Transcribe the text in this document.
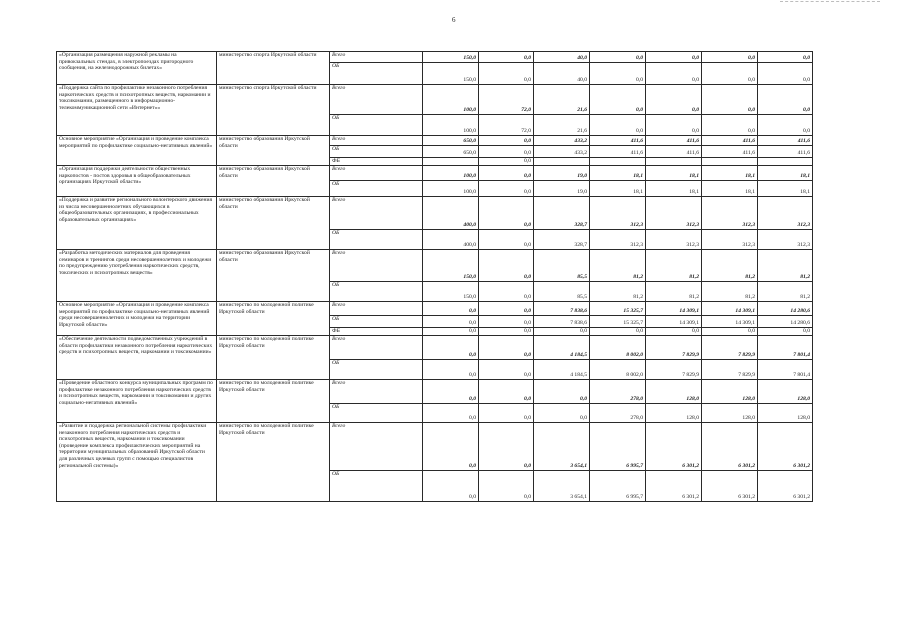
6
«Организация размещения наружной рекламы на привокзальных стендах, в электропоездах пригородного сообщения, на железнодорожных билетах»	министерство спорта Иркутской области	Всего	150,0	0,0	40,0	0,0	0,0	0,0	0,0
		ОБ	150,0	0,0	40,0	0,0	0,0	0,0	0,0
«Поддержка сайта по профилактике незаконного потребления наркотических средств и психотропных веществ, наркомании и токсикомании, размещенного в информационно-телекоммуникационной сети «Интернет»»	министерство спорта Иркутской области	Всего	100,0	72,0	21,6	0,0	0,0	0,0	0,0
		ОБ	100,0	72,0	21,6	0,0	0,0	0,0	0,0
Основное мероприятие «Организация и проведение комплекса мероприятий по профилактике социально-негативных явлений»	министерство образования Иркутской области	Всего	650,0	0,0	433,2	411,6	411,6	411,6	411,6
		ОБ	650,0	0,0	433,2	411,6	411,6	411,6	411,6
		ФБ		0,0					
«Организация поддержки деятельности общественных наркопостов - постов здоровья в общеобразовательных организациях Иркутской области»	министерство образования Иркутской области	Всего	100,0	0,0	19,0	18,1	18,1	18,1	18,1
		ОБ	100,0	0,0	19,0	18,1	18,1	18,1	18,1
«Поддержка и развитие регионального волонтерского движения из числа несовершеннолетних обучающихся в общеобразовательных организациях, в профессиональных образовательных организациях»	министерство образования Иркутской области	Всего	400,0	0,0	328,7	312,3	312,3	312,3	312,3
		ОБ	400,0	0,0	328,7	312,3	312,3	312,3	312,3
«Разработка методических материалов для проведения семинаров и тренингов среди несовершеннолетних и молодежи по предупреждению употребления наркотических средств, токсических и психотропных веществ»	министерство образования Иркутской области	Всего	150,0	0,0	85,5	81,2	81,2	81,2	81,2
		ОБ	150,0	0,0	85,5	81,2	81,2	81,2	81,2
Основное мероприятие «Организация и проведение комплекса мероприятий по профилактике социально-негативных явлений среди несовершеннолетних и молодежи на территории Иркутской области»	министерство по молодежной политике Иркутской области	Всего	0,0	0,0	7 838,6	15 325,7	14 309,1	14 309,1	14 280,6
		ОБ	0,0	0,0	7 838,6	15 325,7	14 309,1	14 309,1	14 280,6
		ФБ	0,0	0,0	0,0	0,0	0,0	0,0	0,0
«Обеспечение деятельности подведомственных учреждений в области профилактики незаконного потребления наркотических средств и психотропных веществ, наркомании и токсикомании»	министерство по молодежной политике Иркутской области	Всего	0,0	0,0	4 184,5	8 002,0	7 829,9	7 829,9	7 801,4
		ОБ	0,0	0,0	4 184,5	8 002,0	7 829,9	7 829,9	7 801,4
«Проведение областного конкурса муниципальных программ по профилактике незаконного потребления наркотических средств и психотропных веществ, наркомании и токсикомании и других социально-негативных явлений»	министерство по молодежной политике Иркутской области	Всего	0,0	0,0	0,0	278,0	128,0	128,0	128,0
		ОБ	0,0	0,0	0,0	278,0	128,0	128,0	128,0
«Развитие и поддержка региональной системы профилактики незаконного потребления наркотических средств и психотропных веществ, наркомании и токсикомании (проведение комплекса профилактических мероприятий на территории муниципальных образований Иркутской области для различных целевых групп с помощью специалистов региональной системы)»	министерство по молодежной политике Иркутской области	Всего	0,0	0,0	3 654,1	6 995,7	6 301,2	6 301,2	6 301,2
		ОБ	0,0	0,0	3 654,1	6 995,7	6 301,2	6 301,2	6 301,2
